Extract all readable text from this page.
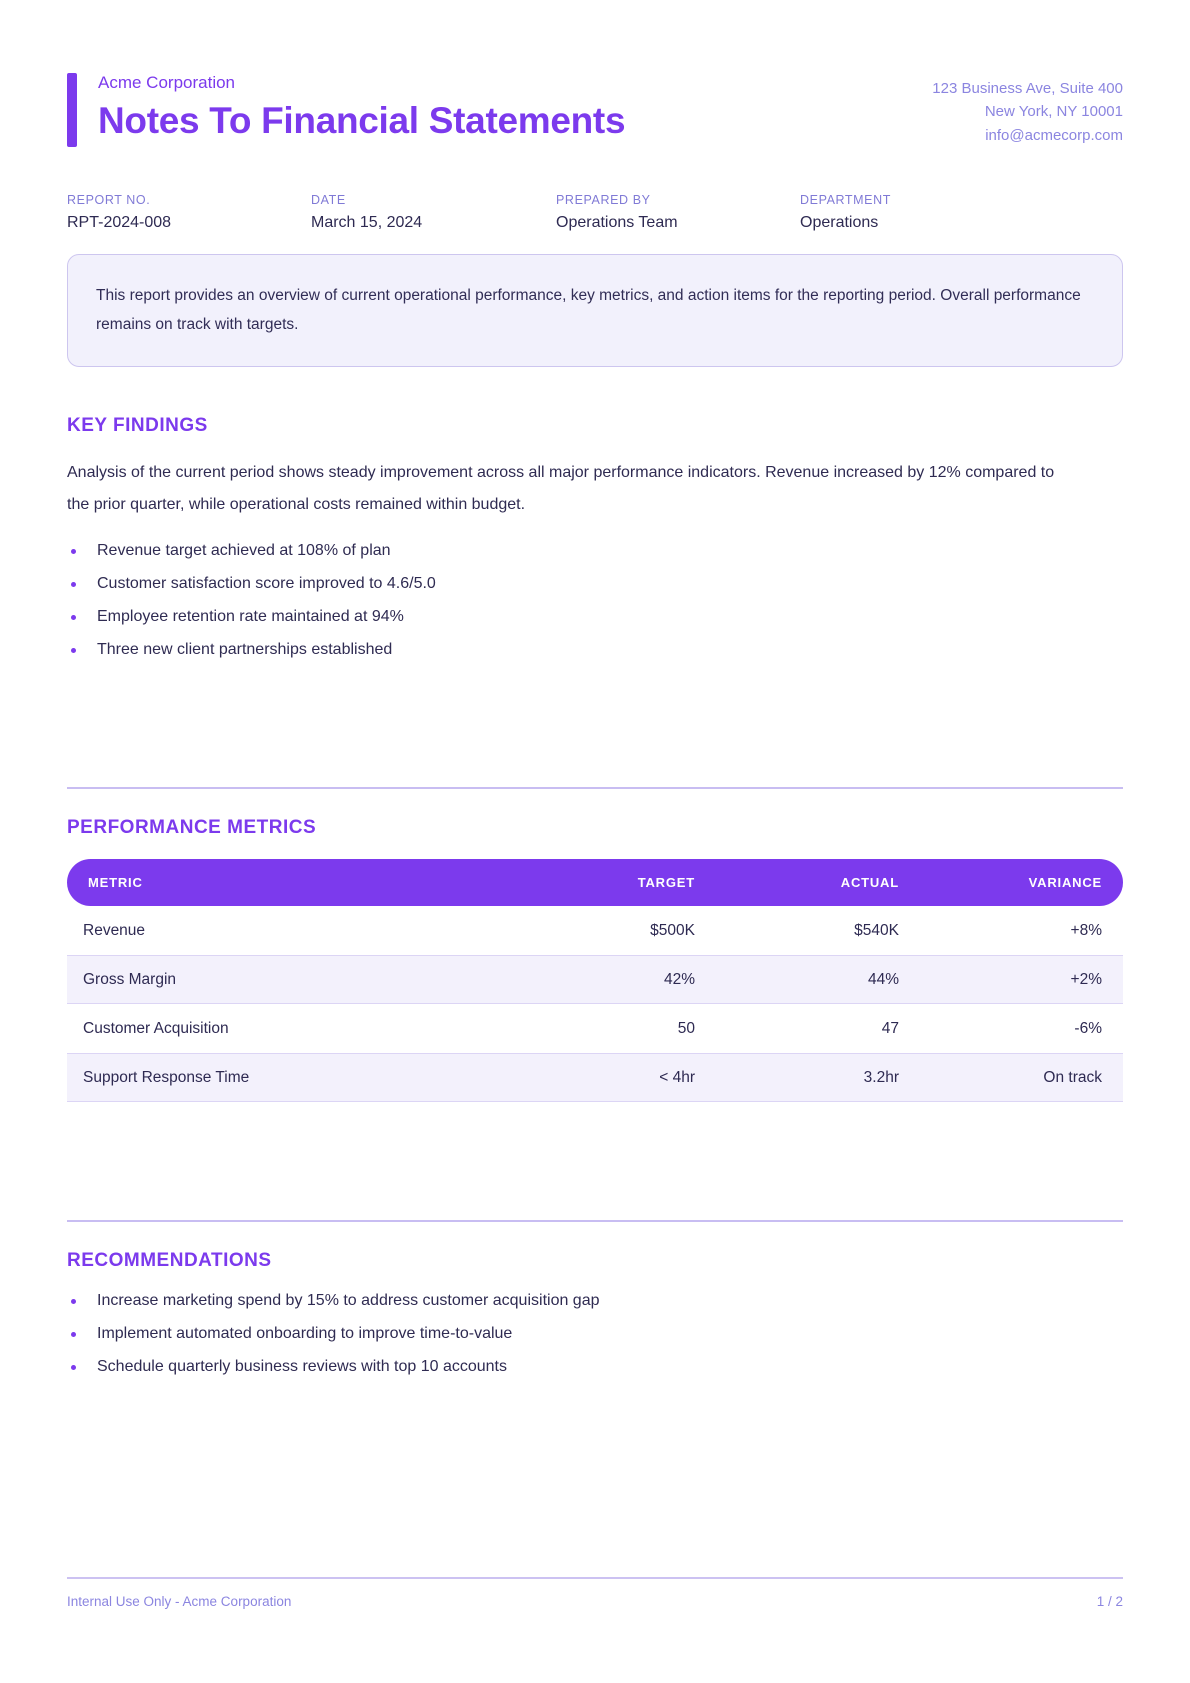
Acme Corporation
Notes To Financial Statements
123 Business Ave, Suite 400
New York, NY 10001
info@acmecorp.com
REPORT NO.
RPT-2024-008
DATE
March 15, 2024
PREPARED BY
Operations Team
DEPARTMENT
Operations

This report provides an overview of current operational performance, key metrics, and action items for the reporting period. Overall performance remains on track with targets.

KEY FINDINGS

Analysis of the current period shows steady improvement across all major performance indicators. Revenue increased by 12% compared to the prior quarter, while operational costs remained within budget.

Revenue target achieved at 108% of plan
Customer satisfaction score improved to 4.6/5.0
Employee retention rate maintained at 94%
Three new client partnerships established
PERFORMANCE METRICS
METRIC	TARGET	ACTUAL	VARIANCE
Revenue	$500K	$540K	+8%
Gross Margin	42%	44%	+2%
Customer Acquisition	50	47	-6%
Support Response Time	< 4hr	3.2hr	On track
RECOMMENDATIONS
Increase marketing spend by 15% to address customer acquisition gap
Implement automated onboarding to improve time-to-value
Schedule quarterly business reviews with top 10 accounts
Internal Use Only - Acme Corporation	1 / 2
